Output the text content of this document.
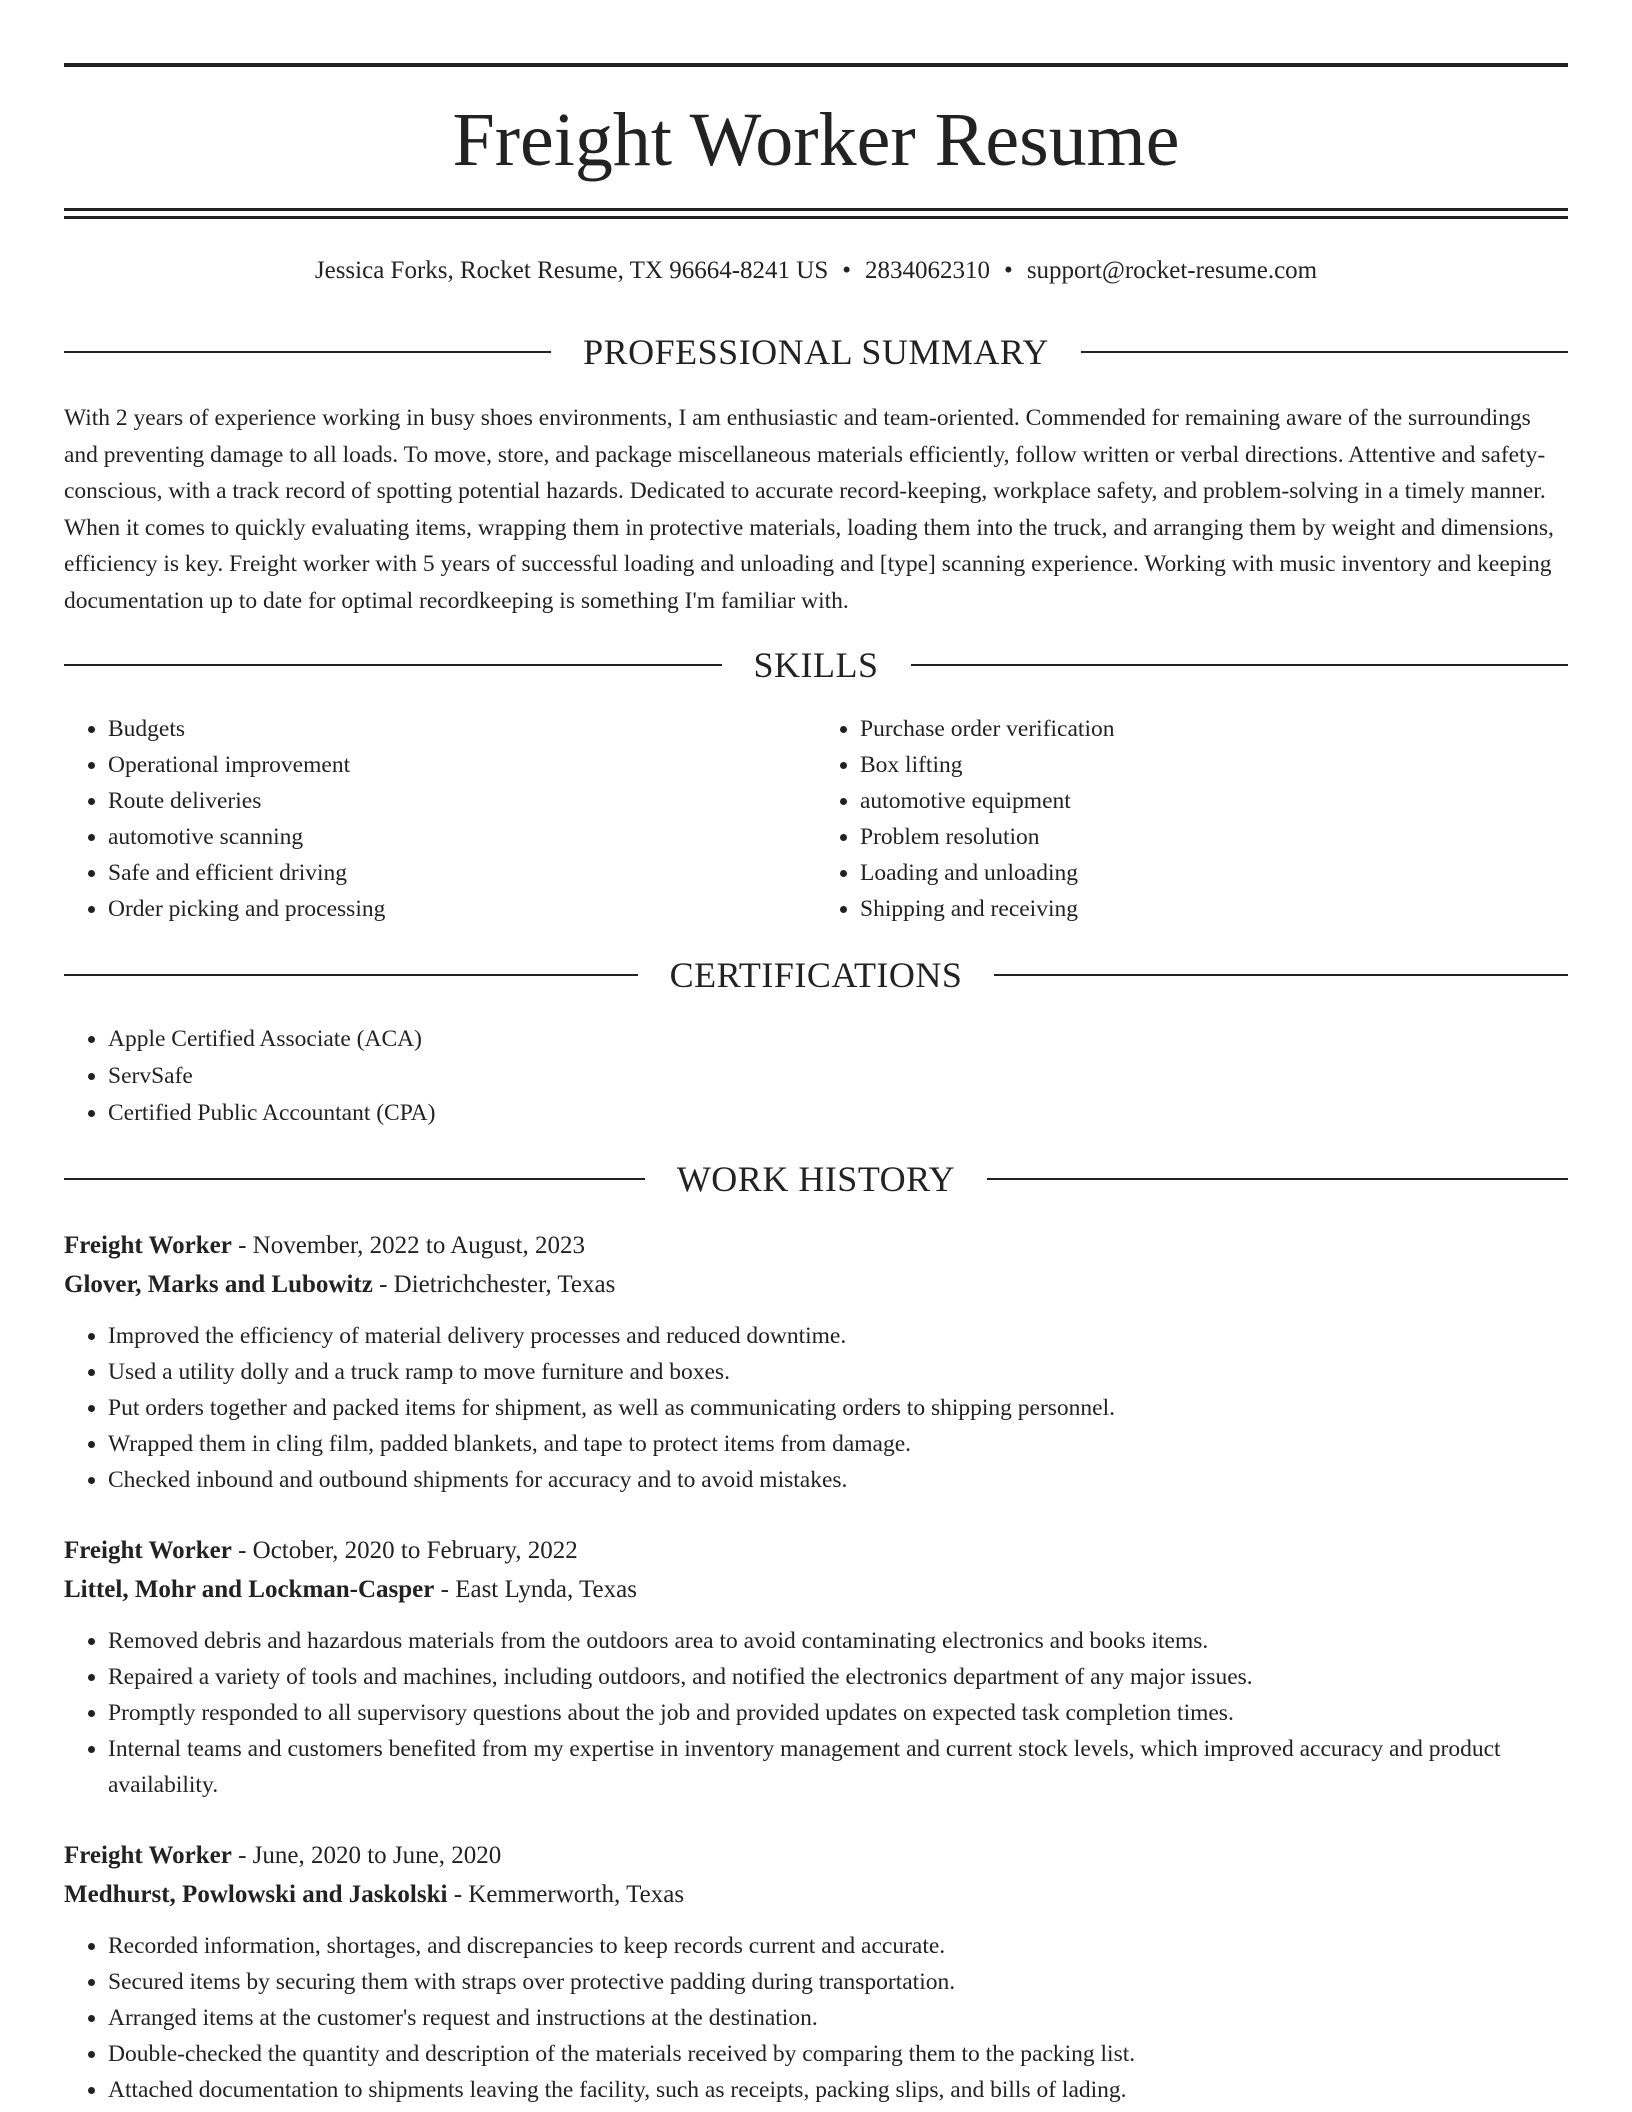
Freight Worker Resume
Jessica Forks, Rocket Resume, TX 96664-8241 US • 2834062310 • support@rocket-resume.com
PROFESSIONAL SUMMARY

With 2 years of experience working in busy shoes environments, I am enthusiastic and team-oriented. Commended for remaining aware of the surroundings and preventing damage to all loads. To move, store, and package miscellaneous materials efficiently, follow written or verbal directions. Attentive and safety-conscious, with a track record of spotting potential hazards. Dedicated to accurate record-keeping, workplace safety, and problem-solving in a timely manner. When it comes to quickly evaluating items, wrapping them in protective materials, loading them into the truck, and arranging them by weight and dimensions, efficiency is key. Freight worker with 5 years of successful loading and unloading and [type] scanning experience. Working with music inventory and keeping documentation up to date for optimal recordkeeping is something I'm familiar with.

SKILLS
• Budgets
• Operational improvement
• Route deliveries
• automotive scanning
• Safe and efficient driving
• Order picking and processing
• Purchase order verification
• Box lifting
• automotive equipment
• Problem resolution
• Loading and unloading
• Shipping and receiving
CERTIFICATIONS
• Apple Certified Associate (ACA)
• ServSafe
• Certified Public Accountant (CPA)
WORK HISTORY
Freight Worker - November, 2022 to August, 2023
Glover, Marks and Lubowitz - Dietrichchester, Texas
• Improved the efficiency of material delivery processes and reduced downtime.
• Used a utility dolly and a truck ramp to move furniture and boxes.
• Put orders together and packed items for shipment, as well as communicating orders to shipping personnel.
• Wrapped them in cling film, padded blankets, and tape to protect items from damage.
• Checked inbound and outbound shipments for accuracy and to avoid mistakes.
Freight Worker - October, 2020 to February, 2022
Littel, Mohr and Lockman-Casper - East Lynda, Texas
• Removed debris and hazardous materials from the outdoors area to avoid contaminating electronics and books items.
• Repaired a variety of tools and machines, including outdoors, and notified the electronics department of any major issues.
• Promptly responded to all supervisory questions about the job and provided updates on expected task completion times.
• Internal teams and customers benefited from my expertise in inventory management and current stock levels, which improved accuracy and product availability.
Freight Worker - June, 2020 to June, 2020
Medhurst, Powlowski and Jaskolski - Kemmerworth, Texas
• Recorded information, shortages, and discrepancies to keep records current and accurate.
• Secured items by securing them with straps over protective padding during transportation.
• Arranged items at the customer's request and instructions at the destination.
• Double-checked the quantity and description of the materials received by comparing them to the packing list.
• Attached documentation to shipments leaving the facility, such as receipts, packing slips, and bills of lading.
